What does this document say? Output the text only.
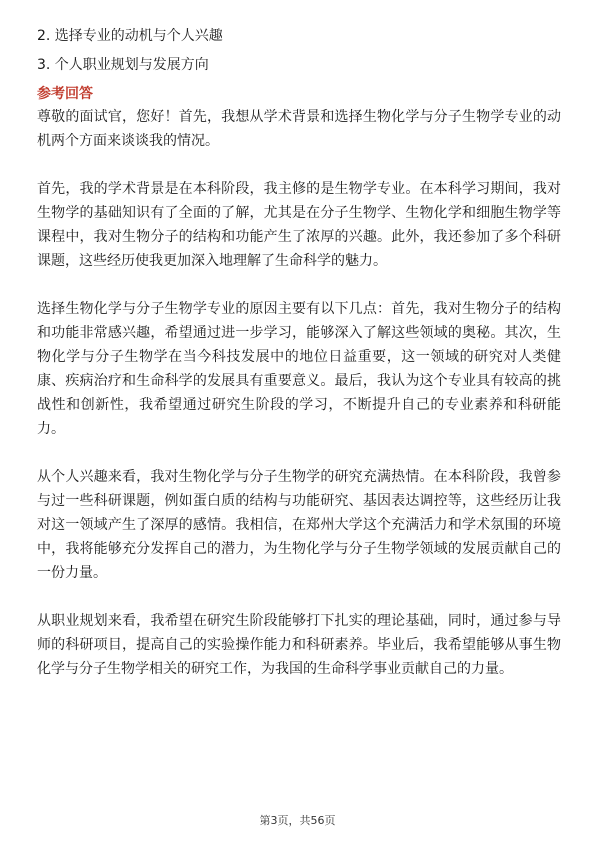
2. 选择专业的动机与个人兴趣
3. 个人职业规划与发展方向
参考回答

尊敬的面试官，您好！首先，我想从学术背景和选择生物化学与分子生物学专业的动机两个方面来谈谈我的情况。

首先，我的学术背景是在本科阶段，我主修的是生物学专业。在本科学习期间，我对生物学的基础知识有了全面的了解，尤其是在分子生物学、生物化学和细胞生物学等课程中，我对生物分子的结构和功能产生了浓厚的兴趣。此外，我还参加了多个科研课题，这些经历使我更加深入地理解了生命科学的魅力。

选择生物化学与分子生物学专业的原因主要有以下几点：首先，我对生物分子的结构和功能非常感兴趣，希望通过进一步学习，能够深入了解这些领域的奥秘。其次，生物化学与分子生物学在当今科技发展中的地位日益重要，这一领域的研究对人类健康、疾病治疗和生命科学的发展具有重要意义。最后，我认为这个专业具有较高的挑战性和创新性，我希望通过研究生阶段的学习，不断提升自己的专业素养和科研能力。

从个人兴趣来看，我对生物化学与分子生物学的研究充满热情。在本科阶段，我曾参与过一些科研课题，例如蛋白质的结构与功能研究、基因表达调控等，这些经历让我对这一领域产生了深厚的感情。我相信，在郑州大学这个充满活力和学术氛围的环境中，我将能够充分发挥自己的潜力，为生物化学与分子生物学领域的发展贡献自己的一份力量。

从职业规划来看，我希望在研究生阶段能够打下扎实的理论基础，同时，通过参与导师的科研项目，提高自己的实验操作能力和科研素养。毕业后，我希望能够从事生物化学与分子生物学相关的研究工作，为我国的生命科学事业贡献自己的力量。

第3页，共56页
